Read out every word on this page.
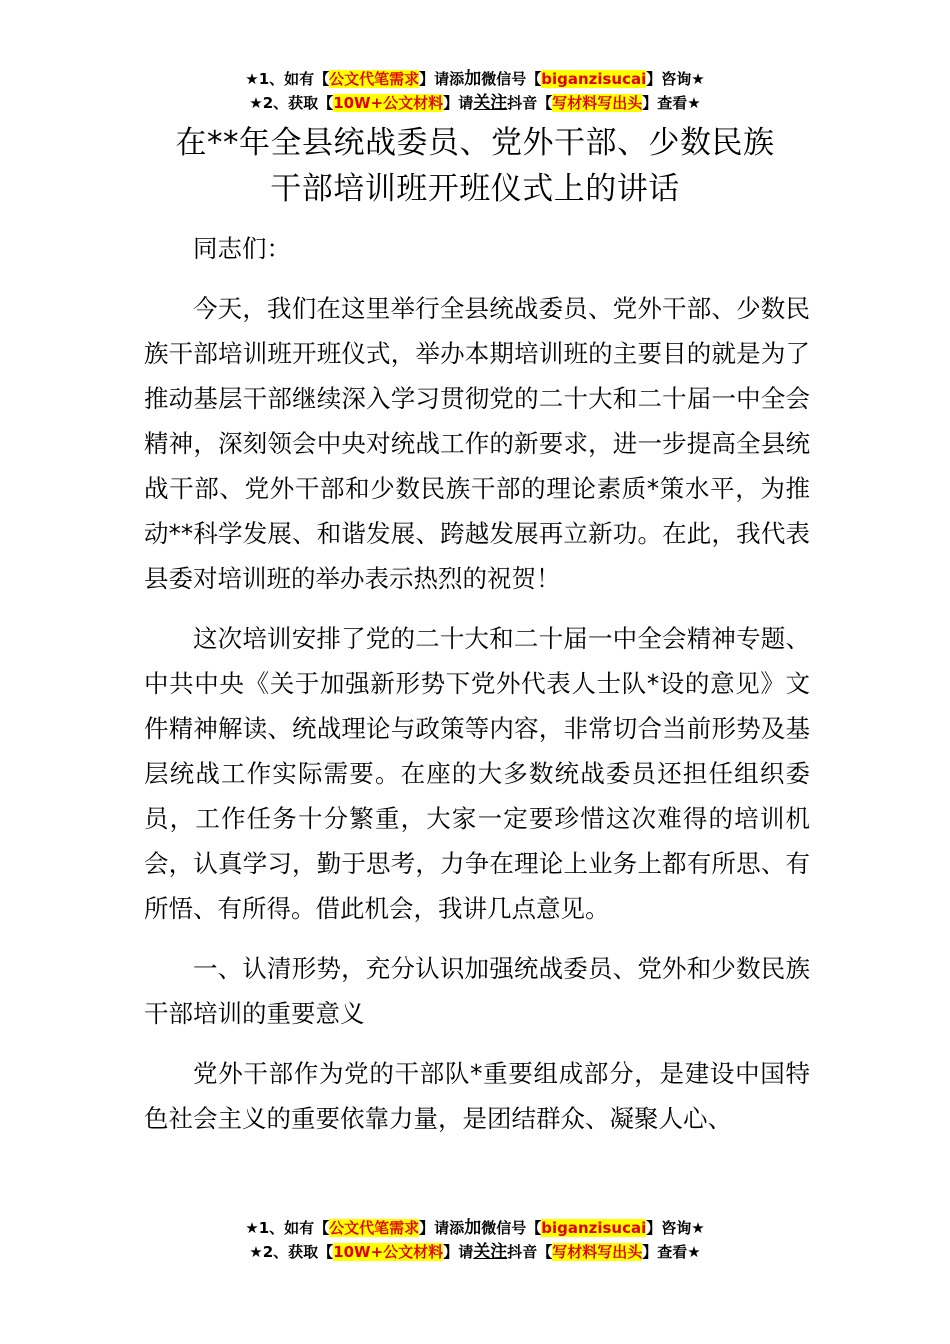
★1、如有【公文代笔需求】请添加微信号【biganzisucai】咨询★
★2、获取【10W+公文材料】请关注抖音【写材料写出头】查看★
在**年全县统战委员、党外干部、少数民族
干部培训班开班仪式上的讲话

同志们：

今天，我们在这里举行全县统战委员、党外干部、少数民族干部培训班开班仪式，举办本期培训班的主要目的就是为了推动基层干部继续深入学习贯彻党的二十大和二十届一中全会精神，深刻领会中央对统战工作的新要求，进一步提高全县统战干部、党外干部和少数民族干部的理论素质*策水平，为推动**科学发展、和谐发展、跨越发展再立新功。在此，我代表县委对培训班的举办表示热烈的祝贺！

这次培训安排了党的二十大和二十届一中全会精神专题、中共中央《关于加强新形势下党外代表人士队*设的意见》文件精神解读、统战理论与政策等内容，非常切合当前形势及基层统战工作实际需要。在座的大多数统战委员还担任组织委员，工作任务十分繁重，大家一定要珍惜这次难得的培训机会，认真学习，勤于思考，力争在理论上业务上都有所思、有所悟、有所得。借此机会，我讲几点意见。

一、认清形势，充分认识加强统战委员、党外和少数民族干部培训的重要意义

党外干部作为党的干部队*重要组成部分，是建设中国特色社会主义的重要依靠力量，是团结群众、凝聚人心、

★1、如有【公文代笔需求】请添加微信号【biganzisucai】咨询★
★2、获取【10W+公文材料】请关注抖音【写材料写出头】查看★
